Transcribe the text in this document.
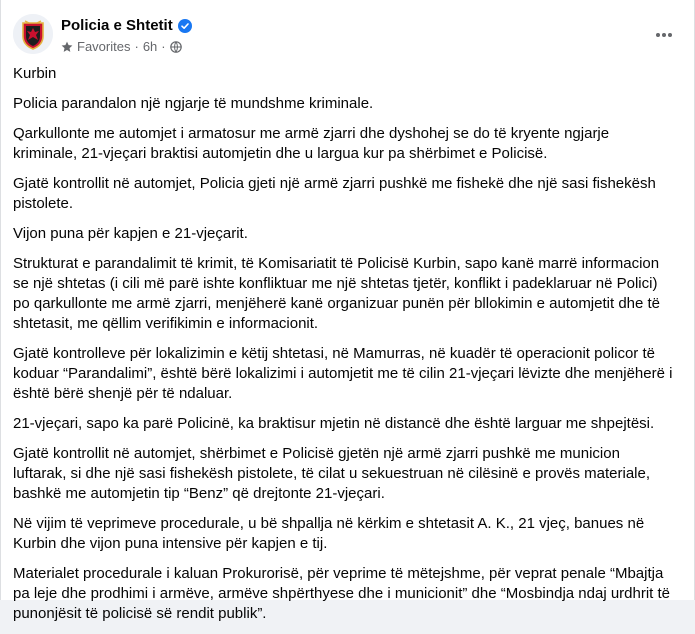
Policia e Shtetit
Favorites · 6h ·

Kurbin

Policia parandalon një ngjarje të mundshme kriminale.

Qarkullonte me automjet i armatosur me armë zjarri dhe dyshohej se do të kryente ngjarje kriminale, 21-vjeçari braktisi automjetin dhe u largua kur pa shërbimet e Policisë.

Gjatë kontrollit në automjet, Policia gjeti një armë zjarri pushkë me fishekë dhe një sasi fishekësh pistolete.

Vijon puna për kapjen e 21-vjeçarit.

Strukturat e parandalimit të krimit, të Komisariatit të Policisë Kurbin, sapo kanë marrë informacion se një shtetas (i cili më parë ishte konfliktuar me një shtetas tjetër, konflikt i padeklaruar në Polici) po qarkullonte me armë zjarri, menjëherë kanë organizuar punën për bllokimin e automjetit dhe të shtetasit, me qëllim verifikimin e informacionit.

Gjatë kontrolleve për lokalizimin e këtij shtetasi, në Mamurras, në kuadër të operacionit policor të koduar “Parandalimi”, është bërë lokalizimi i automjetit me të cilin 21-vjeçari lëvizte dhe menjëherë i është bërë shenjë për të ndaluar.

21-vjeçari, sapo ka parë Policinë, ka braktisur mjetin në distancë dhe është larguar me shpejtësi.

Gjatë kontrollit në automjet, shërbimet e Policisë gjetën një armë zjarri pushkë me municion luftarak, si dhe një sasi fishekësh pistolete, të cilat u sekuestruan në cilësinë e provës materiale, bashkë me automjetin tip “Benz” që drejtonte 21-vjeçari.

Në vijim të veprimeve procedurale, u bë shpallja në kërkim e shtetasit A. K., 21 vjeç, banues në Kurbin dhe vijon puna intensive për kapjen e tij.

Materialet procedurale i kaluan Prokurorisë, për veprime të mëtejshme, për veprat penale “Mbajtja pa leje dhe prodhimi i armëve, armëve shpërthyese dhe i municionit” dhe “Mosbindja ndaj urdhrit të punonjësit të policisë së rendit publik”.
